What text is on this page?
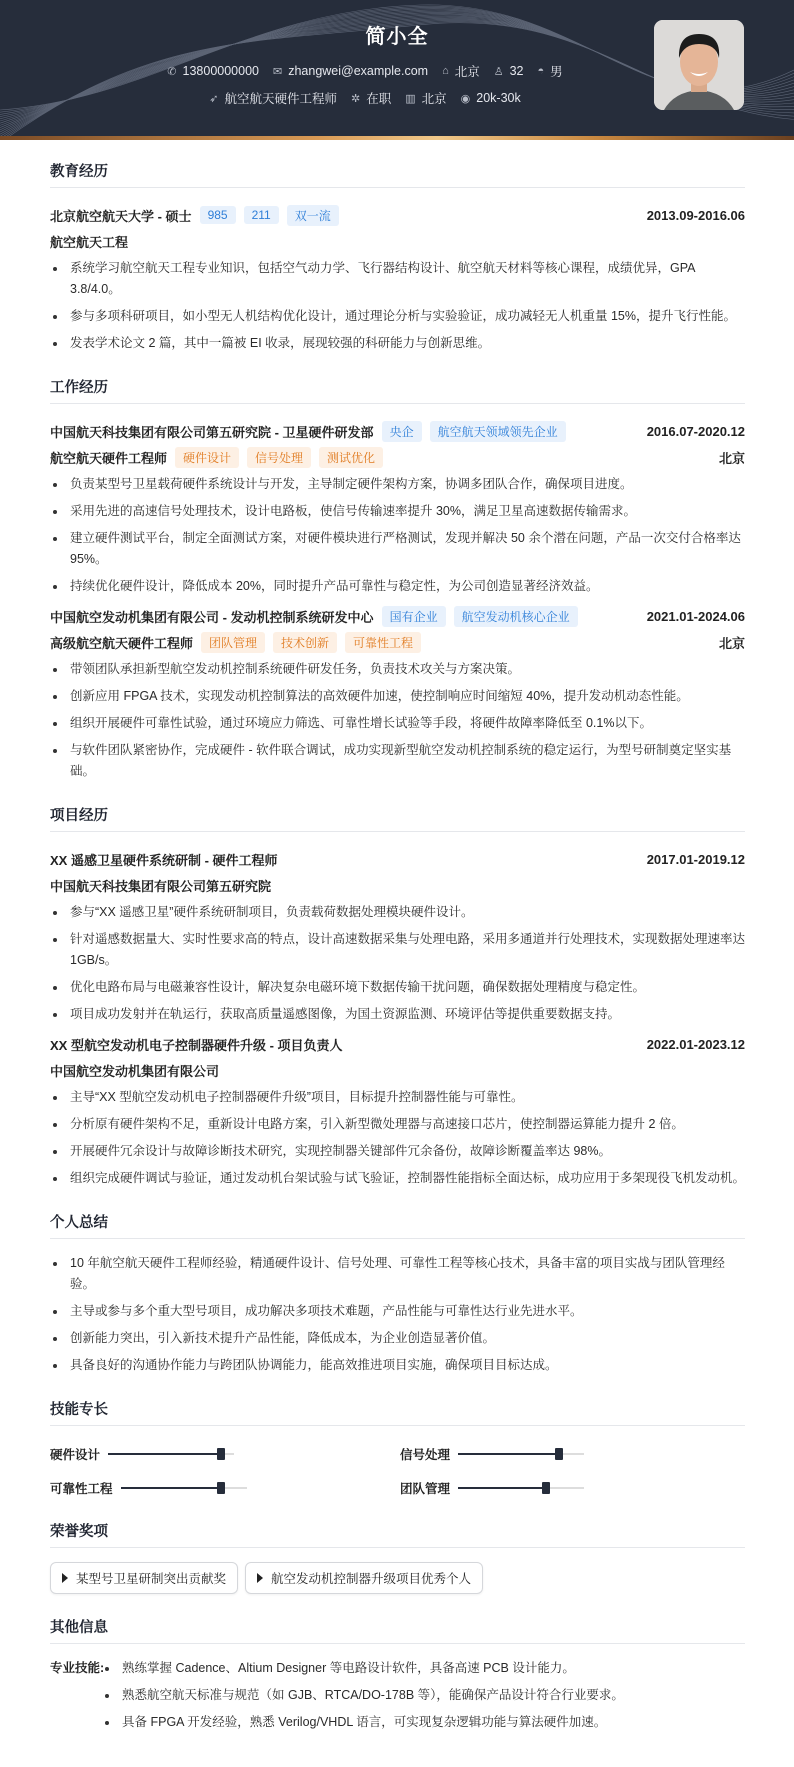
简小全
✆ 13800000000 ✉ zhangwei@example.com ⌂ 北京 ♙ 32 ◓ 男
➶ 航空航天硬件工程师 ✲ 在职 ▥ 北京 ◉ 20k-30k
教育经历
北京航空航天大学 - 硕士	985	211	双一流	2013.09-2016.06
航空航天工程
系统学习航空航天工程专业知识，包括空气动力学、飞行器结构设计、航空航天材料等核心课程，成绩优异，GPA 3.8/4.0。
参与多项科研项目，如小型无人机结构优化设计，通过理论分析与实验验证，成功减轻无人机重量 15%，提升飞行性能。
发表学术论文 2 篇，其中一篇被 EI 收录，展现较强的科研能力与创新思维。
工作经历
中国航天科技集团有限公司第五研究院 - 卫星硬件研发部	央企	航空航天领域领先企业	2016.07-2020.12
航空航天硬件工程师	硬件设计	信号处理	测试优化	北京
负责某型号卫星载荷硬件系统设计与开发，主导制定硬件架构方案，协调多团队合作，确保项目进度。
采用先进的高速信号处理技术，设计电路板，使信号传输速率提升 30%，满足卫星高速数据传输需求。
建立硬件测试平台，制定全面测试方案，对硬件模块进行严格测试，发现并解决 50 余个潜在问题，产品一次交付合格率达 95%。
持续优化硬件设计，降低成本 20%，同时提升产品可靠性与稳定性，为公司创造显著经济效益。
中国航空发动机集团有限公司 - 发动机控制系统研发中心	国有企业	航空发动机核心企业	2021.01-2024.06
高级航空航天硬件工程师	团队管理	技术创新	可靠性工程	北京
带领团队承担新型航空发动机控制系统硬件研发任务，负责技术攻关与方案决策。
创新应用 FPGA 技术，实现发动机控制算法的高效硬件加速，使控制响应时间缩短 40%，提升发动机动态性能。
组织开展硬件可靠性试验，通过环境应力筛选、可靠性增长试验等手段，将硬件故障率降低至 0.1%以下。
与软件团队紧密协作，完成硬件 - 软件联合调试，成功实现新型航空发动机控制系统的稳定运行，为型号研制奠定坚实基础。
项目经历
XX 遥感卫星硬件系统研制 - 硬件工程师	2017.01-2019.12
中国航天科技集团有限公司第五研究院
参与“XX 遥感卫星”硬件系统研制项目，负责载荷数据处理模块硬件设计。
针对遥感数据量大、实时性要求高的特点，设计高速数据采集与处理电路，采用多通道并行处理技术，实现数据处理速率达 1GB/s。
优化电路布局与电磁兼容性设计，解决复杂电磁环境下数据传输干扰问题，确保数据处理精度与稳定性。
项目成功发射并在轨运行，获取高质量遥感图像，为国土资源监测、环境评估等提供重要数据支持。
XX 型航空发动机电子控制器硬件升级 - 项目负责人	2022.01-2023.12
中国航空发动机集团有限公司
主导“XX 型航空发动机电子控制器硬件升级”项目，目标提升控制器性能与可靠性。
分析原有硬件架构不足，重新设计电路方案，引入新型微处理器与高速接口芯片，使控制器运算能力提升 2 倍。
开展硬件冗余设计与故障诊断技术研究，实现控制器关键部件冗余备份，故障诊断覆盖率达 98%。
组织完成硬件调试与验证，通过发动机台架试验与试飞验证，控制器性能指标全面达标，成功应用于多架现役飞机发动机。
个人总结
10 年航空航天硬件工程师经验，精通硬件设计、信号处理、可靠性工程等核心技术，具备丰富的项目实战与团队管理经验。
主导或参与多个重大型号项目，成功解决多项技术难题，产品性能与可靠性达行业先进水平。
创新能力突出，引入新技术提升产品性能，降低成本，为企业创造显著价值。
具备良好的沟通协作能力与跨团队协调能力，能高效推进项目实施，确保项目目标达成。
技能专长
硬件设计	信号处理
可靠性工程	团队管理
荣誉奖项
某型号卫星研制突出贡献奖	航空发动机控制器升级项目优秀个人
其他信息
专业技能:	熟练掌握 Cadence、Altium Designer 等电路设计软件，具备高速 PCB 设计能力。
熟悉航空航天标准与规范（如 GJB、RTCA/DO-178B 等），能确保产品设计符合行业要求。
具备 FPGA 开发经验，熟悉 Verilog/VHDL 语言，可实现复杂逻辑功能与算法硬件加速。
